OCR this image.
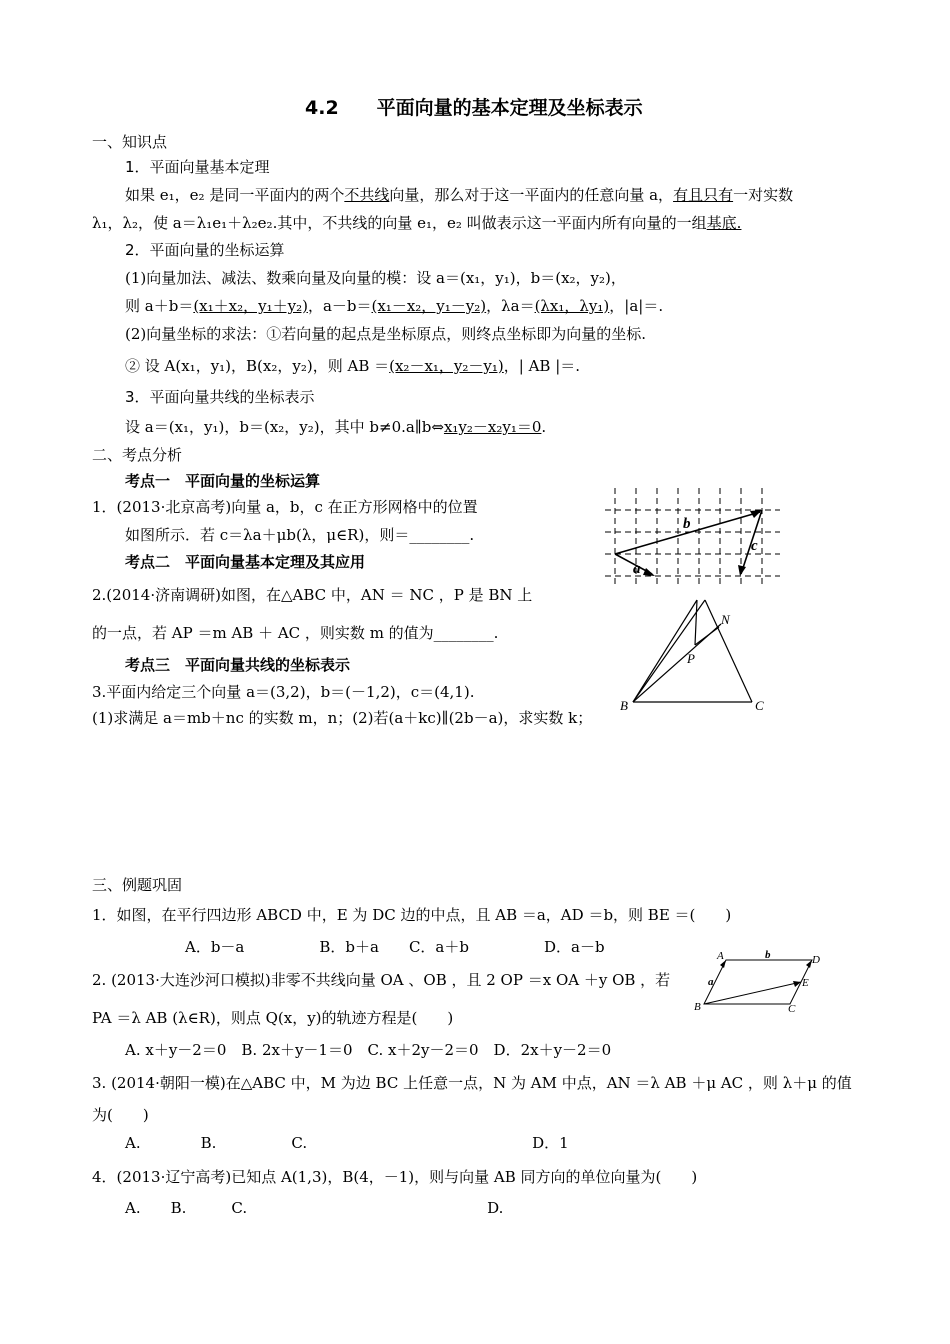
4.2　　平面向量的基本定理及坐标表示
一、知识点
1．平面向量基本定理
如果 e₁，e₂ 是同一平面内的两个不共线向量，那么对于这一平面内的任意向量 a，有且只有一对实数
λ₁，λ₂，使 a＝λ₁e₁＋λ₂e₂.其中，不共线的向量 e₁，e₂ 叫做表示这一平面内所有向量的一组基底.
2．平面向量的坐标运算
(1)向量加法、减法、数乘向量及向量的模：设 a＝(x₁，y₁)，b＝(x₂，y₂)，
则 a＋b＝(x₁＋x₂，y₁＋y₂)，a－b＝(x₁－x₂，y₁－y₂)，λa＝(λx₁，λy₁)，|a|＝.
(2)向量坐标的求法：①若向量的起点是坐标原点，则终点坐标即为向量的坐标.
② 设 A(x₁，y₁)，B(x₂，y₂)，则 AB ＝(x₂－x₁，y₂－y₁)，| AB |＝.
3．平面向量共线的坐标表示
设 a＝(x₁，y₁)，b＝(x₂，y₂)，其中 b≠0.a∥b⇔x₁y₂－x₂y₁＝0.
二、考点分析
考点一　平面向量的坐标运算
1．(2013·北京高考)向量 a，b，c 在正方形网格中的位置
如图所示．若 c＝λa＋μb(λ，μ∈R)，则＝________.
考点二　平面向量基本定理及其应用
2.(2014·济南调研)如图，在△ABC 中，AN ＝ NC ，P 是 BN 上
的一点，若 AP ＝m AB ＋ AC ，则实数 m 的值为________.
考点三　平面向量共线的坐标表示
3.平面内给定三个向量 a＝(3,2)，b＝(－1,2)，c＝(4,1).
(1)求满足 a＝mb＋nc 的实数 m，n；(2)若(a＋kc)∥(2b－a)，求实数 k；
a
b
c
B	C
N
P
三、例题巩固
1．如图，在平行四边形 ABCD 中，E 为 DC 边的中点，且 AB ＝a，AD ＝b，则 BE ＝(　　)
A．b－a　　　　　B．b＋a　　C．a＋b　　　　　D．a－b
2. (2013·大连沙河口模拟)非零不共线向量 OA 、OB ，且 2 OP ＝x OA ＋y OB ，若
PA ＝λ AB (λ∈R)，则点 Q(x，y)的轨迹方程是(　　)
A. x＋y－2＝0　B. 2x＋y－1＝0　C. x＋2y－2＝0　D．2x＋y－2＝0
3. (2014·朝阳一模)在△ABC 中，M 为边 BC 上任意一点，N 为 AM 中点，AN ＝λ AB ＋μ AC ，则 λ＋μ 的值
为(　　)
A.　　　　B.　　　　　C.　　　　　　　　　　　　　　　D．1
4．(2013·辽宁高考)已知点 A(1,3)，B(4，－1)，则与向量 AB 同方向的单位向量为(　　)
A.　　B.　　　C.　　　　　　　　　　　　　　　　D.
A	D
B	C
E
a
b
